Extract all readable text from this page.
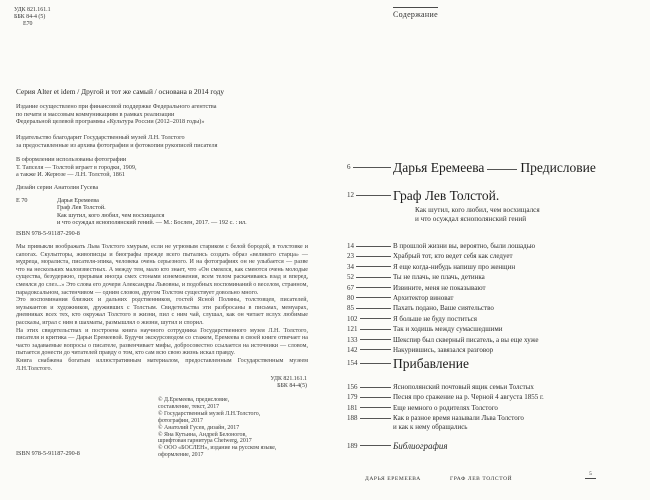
УДК 821.161.1
ББК 84-4 (5)
Е70
Серия Alter et idem / Другой и тот же самый / основана в 2014 году
Издание осуществлено при финансовой поддержке Федерального агентства
по печати и массовым коммуникациям в рамках реализации
Федеральной целевой программы «Культура России (2012–2018 годы)»
Издательство благодарит Государственный музей Л.Н. Толстого
за предоставленные из архива фотографии и фотокопии рукописей писателя
В оформлении использованы фотографии
Т. Тапселя — Толстой играет в городки, 1909,
а также И. Жерюзе — Л.Н. Толстой, 1861
Дизайн серии Анатолия Гусева
Е 70	Дарья Еремеева
Граф Лев Толстой.
Как шутил, кого любил, чем восхищался
и что осуждал яснополянский гений. — М.: Бослен, 2017. — 192 с. : ил.
ISBN 978-5-91187-290-8

Мы привыкли воображать Льва Толстого хмурым, если не угрюмым стариком с белой бородой, в толстовке и сапогах. Скульпторы, живописцы и биографы прежде всего пытались создать образ «великого старца» — мудреца, моралиста, писателя-эпика, человека очень серьезного. И на фотографиях он не улыбается — разве что на нескольких малоизвестных. А между тем, мало кто знает, что «Он смеялся, как смеются очень молодые существа, безудержно, прерывая иногда смех стонами изнеможения, всем телом раскачиваясь взад и вперед, смеялся до слез...» Это слова его дочери Александры Львовны, и подобных воспоминаний о веселом, странном, парадоксальном, застенчивом — одним словом, другом Толстом существует довольно много.

Это воспоминания близких и дальних родственников, гостей Ясной Поляны, толстовцев, писателей, музыкантов и художников, друживших с Толстым. Свидетельства эти разбросаны в письмах, мемуарах, дневниках всех тех, кто окружал Толстого в жизни, пил с ним чай, слушал, как он читает вслух любимые рассказы, играл с ним в шахматы, размышлял о жизни, шутил и спорил.

На этих свидетельствах и построена книга научного сотрудника Государственного музея Л.Н. Толстого, писателя и критика — Дарьи Еремеевой. Будучи экскурсоводом со стажем, Еремеева в своей книге отвечает на часто задаваемые вопросы о писателе, развенчивает мифы, добросовестно ссылается на источники — словом, пытается донести до читателей правду о том, кто сам всю свою жизнь искал правду.

Книга снабжена богатым иллюстративным материалом, предоставленным Государственным музеем Л.Н.Толстого.

УДК 821.161.1
ББК 84-4(5)
© Д.Еремеева, предисловие,
составление, текст, 2017
© Государственный музей Л.Н.Толстого,
фотографии, 2017
© Анатолий Гусев, дизайн, 2017
© Яна Кутьина, Андрей Белоногов,
шрифтовая гарнитура Chetwerg, 2017
© ООО «БОСЛЕН», издание на русском языке,
оформление, 2017
ISBN 978-5-91187-290-8
Содержание
6	Дарья Еремеева	Предисловие
12	Граф Лев Толстой.
Как шутил, кого любил, чем восхищался
и что осуждал яснополянский гений
14	В прошлой жизни вы, вероятно, были лошадью
23	Храбрый тот, кто ведет себя как следует
34	Я еще когда-нибудь напишу про женщин
52	Ты не плачь, не плачь, детинка
67	Извините, меня не показывают
80	Архитектор виноват
85	Пахать подано, Ваше сиятельство
102	Я больше не буду поститься
121	Так и ходишь между сумасшедшими
133	Шекспир был скверный писатель, а вы еще хуже
142	Накурившись, завязался разговор
154	Прибавление
156	Яснополянский почтовый ящик семьи Толстых
179	Песня про сражение на р. Черной 4 августа 1855 г.
181	Еще немного о родителях Толстого
188	Как в разное время называли Льва Толстого
и как к нему обращались
189	Библиография
ДАРЬЯ ЕРЕМЕЕВА	ГРАФ ЛЕВ ТОЛСТОЙ
5
